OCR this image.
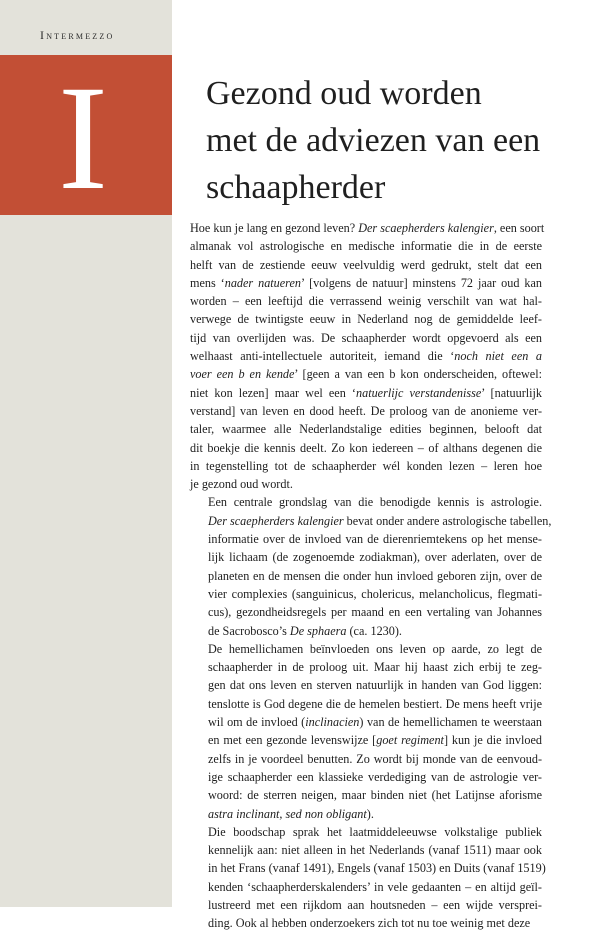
Intermezzo
I	Gezond oud worden
met de adviezen van een
schaapherder

Hoe kun je lang en gezond leven? Der scaepherders kalengier, een soort
almanak vol astrologische en medische informatie die in de eerste
helft van de zestiende eeuw veelvuldig werd gedrukt, stelt dat een
mens ‘nader natueren’ [volgens de natuur] minstens 72 jaar oud kan
worden – een leeftijd die verrassend weinig verschilt van wat hal-
verwege de twintigste eeuw in Nederland nog de gemiddelde leef-
tijd van overlijden was. De schaapherder wordt opgevoerd als een
welhaast anti-intellectuele autoriteit, iemand die ‘noch niet een a
voer een b en kende’ [geen a van een b kon onderscheiden, oftewel:
niet kon lezen] maar wel een ‘natuerlijc verstandenisse’ [natuurlijk
verstand] van leven en dood heeft. De proloog van de anonieme ver-
taler, waarmee alle Nederlandstalige edities beginnen, belooft dat
dit boekje die kennis deelt. Zo kon iedereen – of althans degenen die
in tegenstelling tot de schaapherder wél konden lezen – leren hoe
je gezond oud wordt.

Een centrale grondslag van die benodigde kennis is astrologie.
Der scaepherders kalengier bevat onder andere astrologische tabellen,
informatie over de invloed van de dierenriemtekens op het mense-
lijk lichaam (de zogenoemde zodiakman), over aderlaten, over de
planeten en de mensen die onder hun invloed geboren zijn, over de
vier complexies (sanguinicus, cholericus, melancholicus, flegmati-
cus), gezondheidsregels per maand en een vertaling van Johannes
de Sacrobosco’s De sphaera (ca. 1230).

De hemellichamen beïnvloeden ons leven op aarde, zo legt de
schaapherder in de proloog uit. Maar hij haast zich erbij te zeg-
gen dat ons leven en sterven natuurlijk in handen van God liggen:
tenslotte is God degene die de hemelen bestiert. De mens heeft vrije
wil om de invloed (inclinacien) van de hemellichamen te weerstaan
en met een gezonde levenswijze [goet regiment] kun je die invloed
zelfs in je voordeel benutten. Zo wordt bij monde van de eenvoud-
ige schaapherder een klassieke verdediging van de astrologie ver-
woord: de sterren neigen, maar binden niet (het Latijnse aforisme
astra inclinant, sed non obligant).

Die boodschap sprak het laatmiddeleeuwse volkstalige publiek
kennelijk aan: niet alleen in het Nederlands (vanaf 1511) maar ook
in het Frans (vanaf 1491), Engels (vanaf 1503) en Duits (vanaf 1519)
kenden ‘schaapherderskalenders’ in vele gedaanten – en altijd geïl-
lustreerd met een rijkdom aan houtsneden – een wijde versprei-
ding. Ook al hebben onderzoekers zich tot nu toe weinig met deze
